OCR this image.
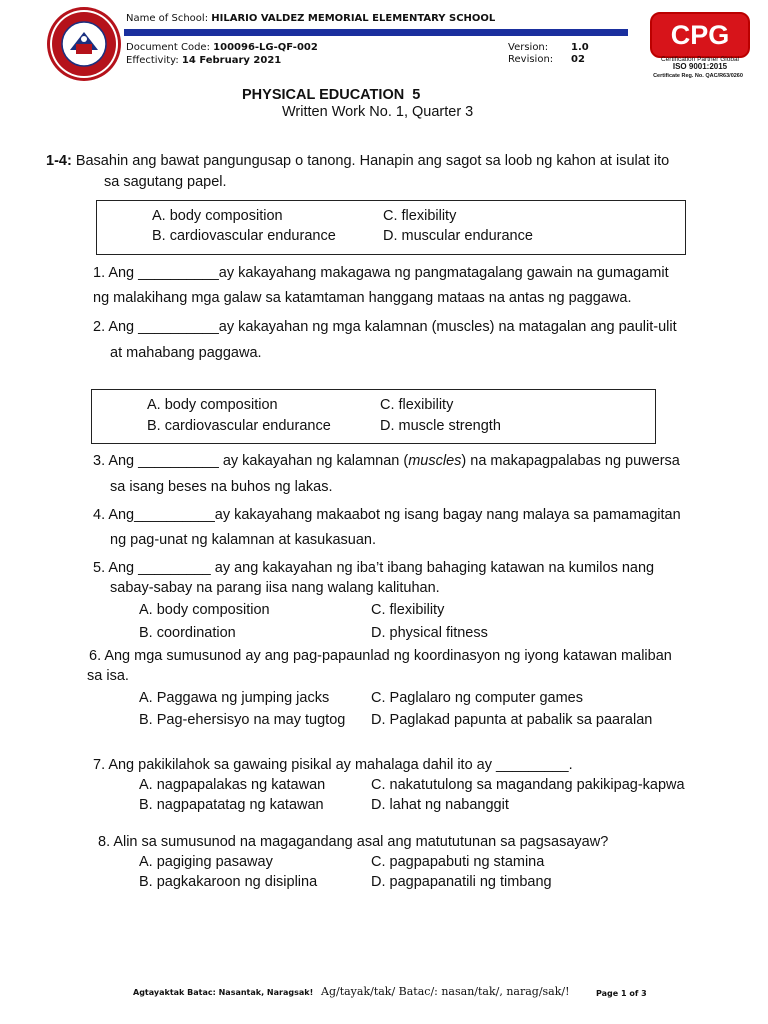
Name of School: HILARIO VALDEZ MEMORIAL ELEMENTARY SCHOOL
Document Code: 100096-LG-QF-002
Effectivity: 14 February 2021
Version: 1.0
Revision: 02
CPG
Certification Partner Global
ISO 9001:2015
Certificate Reg. No. QAC/R63/0260
PHYSICAL EDUCATION  5
Written Work No. 1, Quarter 3
1-4: Basahin ang bawat pangungusap o tanong. Hanapin ang sagot sa loob ng kahon at isulat ito
sa sagutang papel.
A. body composition
B. cardiovascular endurance
C. flexibility
D. muscular endurance
1. Ang __________ay kakayahang makagawa ng pangmatagalang gawain na gumagamit
ng malakihang mga galaw sa katamtaman hanggang mataas na antas ng paggawa.
2. Ang __________ay kakayahan ng mga kalamnan (muscles) na matagalan ang paulit-ulit
at mahabang paggawa.
A. body composition
B. cardiovascular endurance
C. flexibility
D. muscle strength
3. Ang __________ ay kakayahan ng kalamnan (muscles) na makapagpalabas ng puwersa
sa isang beses na buhos ng lakas.
4. Ang__________ay kakayahang makaabot ng isang bagay nang malaya sa pamamagitan
ng pag-unat ng kalamnan at kasukasuan.
5. Ang _________ ay ang kakayahan ng iba’t ibang bahaging katawan na kumilos nang
sabay-sabay na parang iisa nang walang kalituhan.
A. body composition
B. coordination
C. flexibility
D. physical fitness
6. Ang mga sumusunod ay ang pag-papaunlad ng koordinasyon ng iyong katawan maliban
sa isa.
A. Paggawa ng jumping jacks
B. Pag-ehersisyo na may tugtog
C. Paglalaro ng computer games
D. Paglakad papunta at pabalik sa paaralan
7. Ang pakikilahok sa gawaing pisikal ay mahalaga dahil ito ay _________.
A. nagpapalakas ng katawan
B. nagpapatatag ng katawan
C. nakatutulong sa magandang pakikipag-kapwa
D. lahat ng nabanggit
8. Alin sa sumusunod na magagandang asal ang matututunan sa pagsasayaw?
A. pagiging pasaway
B. pagkakaroon ng disiplina
C. pagpapabuti ng stamina
D. pagpapanatili ng timbang
Agtayaktak Batac: Nasantak, Naragsak! Ag/tayak/tak/ Batac/: nasan/tak/, narag/sak/!	Page 1 of 3
